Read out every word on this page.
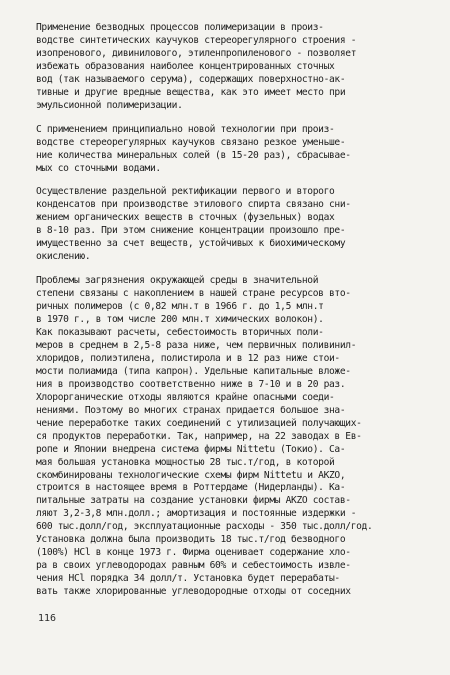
Применение безводных процессов полимеризации в произ-
водстве синтетических каучуков стереорегулярного строения -
изопренового, дивинилового, этиленпропиленового - позволяет
избежать образования наиболее концентрированных сточных
вод (так называемого серума), содержащих поверхностно-ак-
тивные и другие вредные вещества, как это имеет место при
эмульсионной полимеризации.
С применением принципиально новой технологии при произ-
водстве стереорегулярных каучуков связано резкое уменьше-
ние количества минеральных солей (в 15-20 раз), сбрасывае-
мых со сточными водами.
Осуществление раздельной ректификации первого и второго
конденсатов при производстве этилового спирта связано сни-
жением органических веществ в сточных (фузельных) водах
в 8-10 раз. При этом снижение концентрации произошло пре-
имущественно за счет веществ, устойчивых к биохимическому
окислению.
Проблемы загрязнения окружающей среды в значительной
степени связаны с накоплением в нашей стране ресурсов вто-
ричных полимеров (с 0,82 млн.т в 1966 г. до 1,5 млн.т
в 1970 г., в том числе 200 млн.т химических волокон).
Как показывают расчеты, себестоимость вторичных поли-
меров в среднем в 2,5-8 раза ниже, чем первичных поливинил-
хлоридов, полиэтилена, полистирола и в 12 раз ниже стои-
мости полиамида (типа капрон). Удельные капитальные вложе-
ния в производство соответственно ниже в 7-10 и в 20 раз.
Хлорорганические отходы являются крайне опасными соеди-
нениями. Поэтому во многих странах придается большое зна-
чение переработке таких соединений с утилизацией получающих-
ся продуктов переработки. Так, например, на 22 заводах в Ев-
ропе и Японии внедрена система фирмы Nittetu (Токио). Са-
мая большая установка мощностью 28 тыс.т/год, в которой
скомбинированы технологические схемы фирм Nittetu и AKZO,
строится в настоящее время в Роттердаме (Нидерланды). Ка-
питальные затраты на создание установки фирмы AKZO состав-
ляют 3,2-3,8 млн.долл.; амортизация и постоянные издержки -
600 тыс.долл/год, эксплуатационные расходы - 350 тыс.долл/год.
Установка должна была производить 18 тыс.т/год безводного
(100%) HCl в конце 1973 г. Фирма оценивает содержание хло-
ра в своих углеводородах равным 60% и себестоимость извле-
чения HCl порядка 34 долл/т. Установка будет перерабаты-
вать также хлорированные углеводородные отходы от соседних
116
